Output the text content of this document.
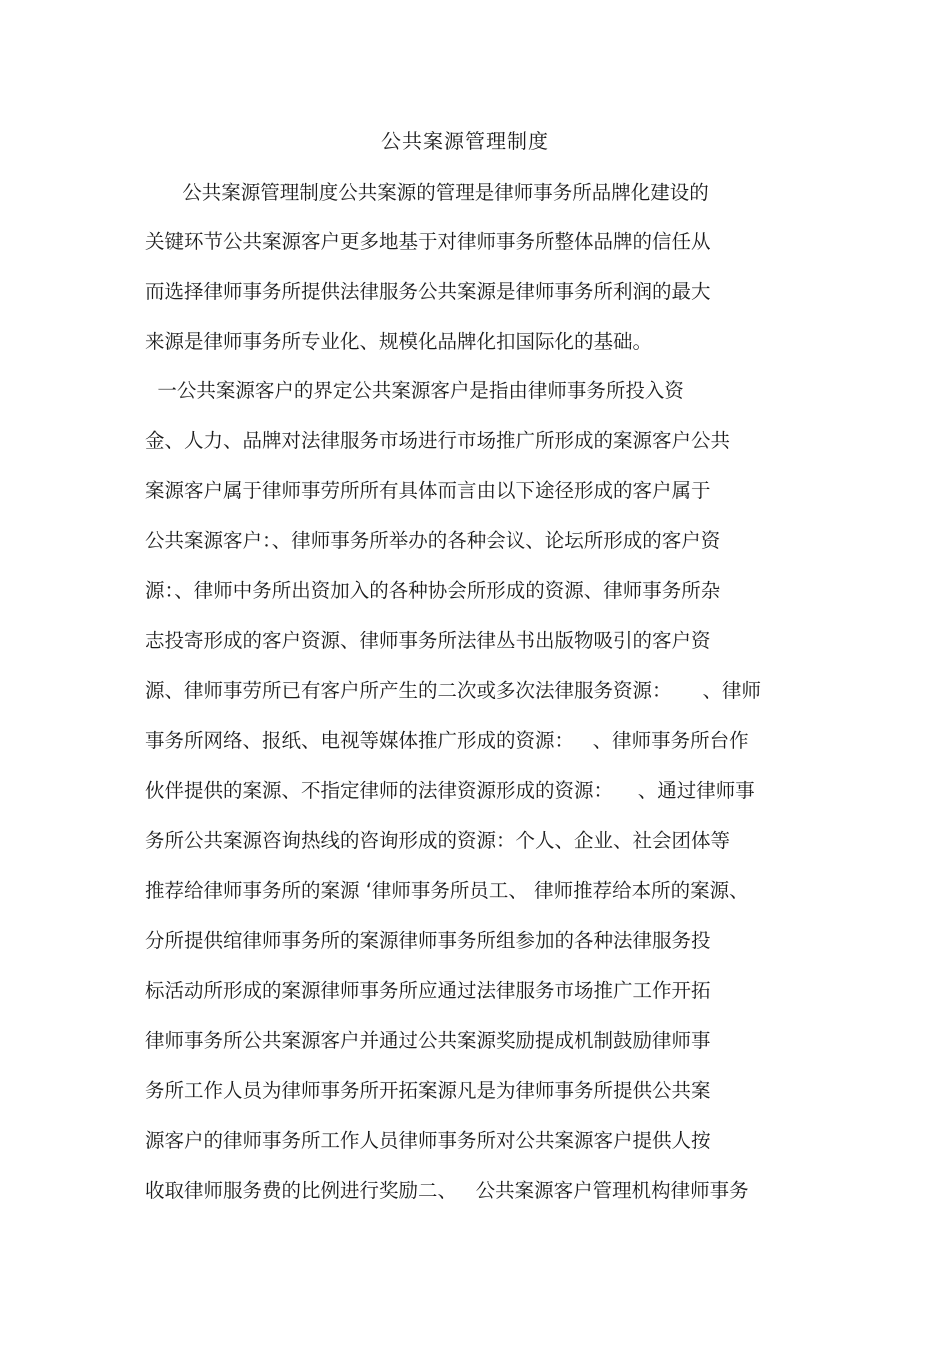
公共案源管理制度
公共案源管理制度公共案源的管理是律师事务所品牌化建设的
关键环节公共案源客户更多地基于对律师事务所整体品牌的信任从
而选择律师事务所提供法律服务公共案源是律师事务所利润的最大
来源是律师事务所专业化、规模化品牌化扣国际化的基础。
一公共案源客户的界定公共案源客户是指由律师事务所投入资
金、人力、品牌对法律服务市场进行市场推广所形成的案源客户公共
案源客户属于律师事劳所所有具体而言由以下途径形成的客户属于
公共案源客户：、律师事务所举办的各种会议、论坛所形成的客户资
源：、律师中务所出资加入的各种协会所形成的资源、律师事务所杂
志投寄形成的客户资源、律师事务所法律丛书出版物吸引的客户资
源、律师事劳所已有客户所产生的二次或多次法律服务资源：     、律师
事务所网络、报纸、电视等媒体推广形成的资源：   、律师事务所台作
伙伴提供的案源、不指定律师的法律资源形成的资源：    、通过律师事
务所公共案源咨询热线的咨询形成的资源：个人、企业、社会团体等
推荐给律师事务所的案源 ‘律师事务所员工、 律师推荐给本所的案源、
分所提供绾律师事务所的案源律师事务所组参加的各种法律服务投
标活动所形成的案源律师事务所应通过法律服务市场推广工作开拓
律师事务所公共案源客户并通过公共案源奖励提成机制鼓励律师事
务所工作人员为律师事务所开拓案源凡是为律师事务所提供公共案
源客户的律师事务所工作人员律师事务所对公共案源客户提供人按
收取律师服务费的比例进行奖励二、   公共案源客户管理机构律师事务
